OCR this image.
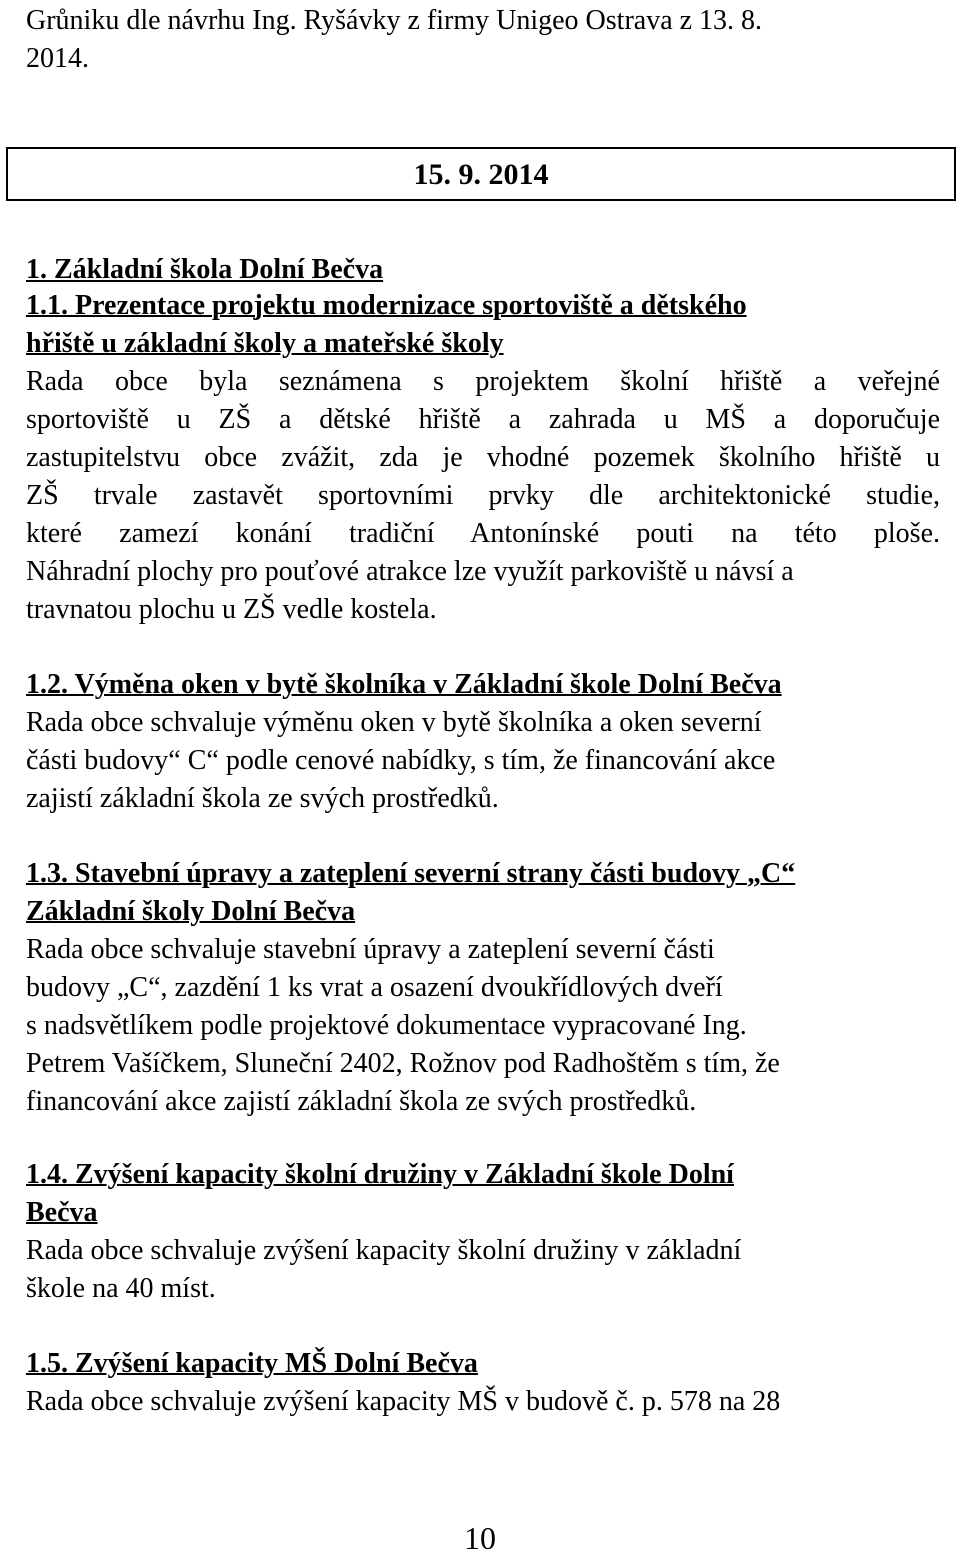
Grůniku dle návrhu Ing. Ryšávky z firmy Unigeo Ostrava z 13. 8.
2014.
15. 9. 2014
1. Základní škola Dolní Bečva
1.1. Prezentace projektu modernizace sportoviště a dětského
hřiště u základní školy a mateřské školy
Rada obce byla seznámena s projektem školní hřiště a veřejné
sportoviště u ZŠ a dětské hřiště a zahrada u MŠ a doporučuje
zastupitelstvu obce zvážit, zda je vhodné pozemek školního hřiště u
ZŠ trvale zastavět sportovními prvky dle architektonické studie,
které zamezí konání tradiční Antonínské pouti na této ploše.
Náhradní plochy pro pouťové atrakce lze využít parkoviště u návsí a
travnatou plochu u ZŠ vedle kostela.
1.2. Výměna oken v bytě školníka v Základní škole Dolní Bečva
Rada obce schvaluje výměnu oken v bytě školníka a oken severní
části budovy“ C“ podle cenové nabídky, s tím, že financování akce
zajistí základní škola ze svých prostředků.
1.3. Stavební úpravy a zateplení severní strany části budovy „C“
Základní školy Dolní Bečva
Rada obce schvaluje stavební úpravy a zateplení severní části
budovy „C“, zazdění 1 ks vrat a osazení dvoukřídlových dveří
s nadsvětlíkem podle projektové dokumentace vypracované Ing.
Petrem Vašíčkem, Sluneční 2402, Rožnov pod Radhoštěm s tím, že
financování akce zajistí základní škola ze svých prostředků.
1.4. Zvýšení kapacity školní družiny v Základní škole Dolní
Bečva
Rada obce schvaluje zvýšení kapacity školní družiny v základní
škole na 40 míst.
1.5. Zvýšení kapacity MŠ Dolní Bečva
Rada obce schvaluje zvýšení kapacity MŠ v budově č. p. 578 na 28
10
